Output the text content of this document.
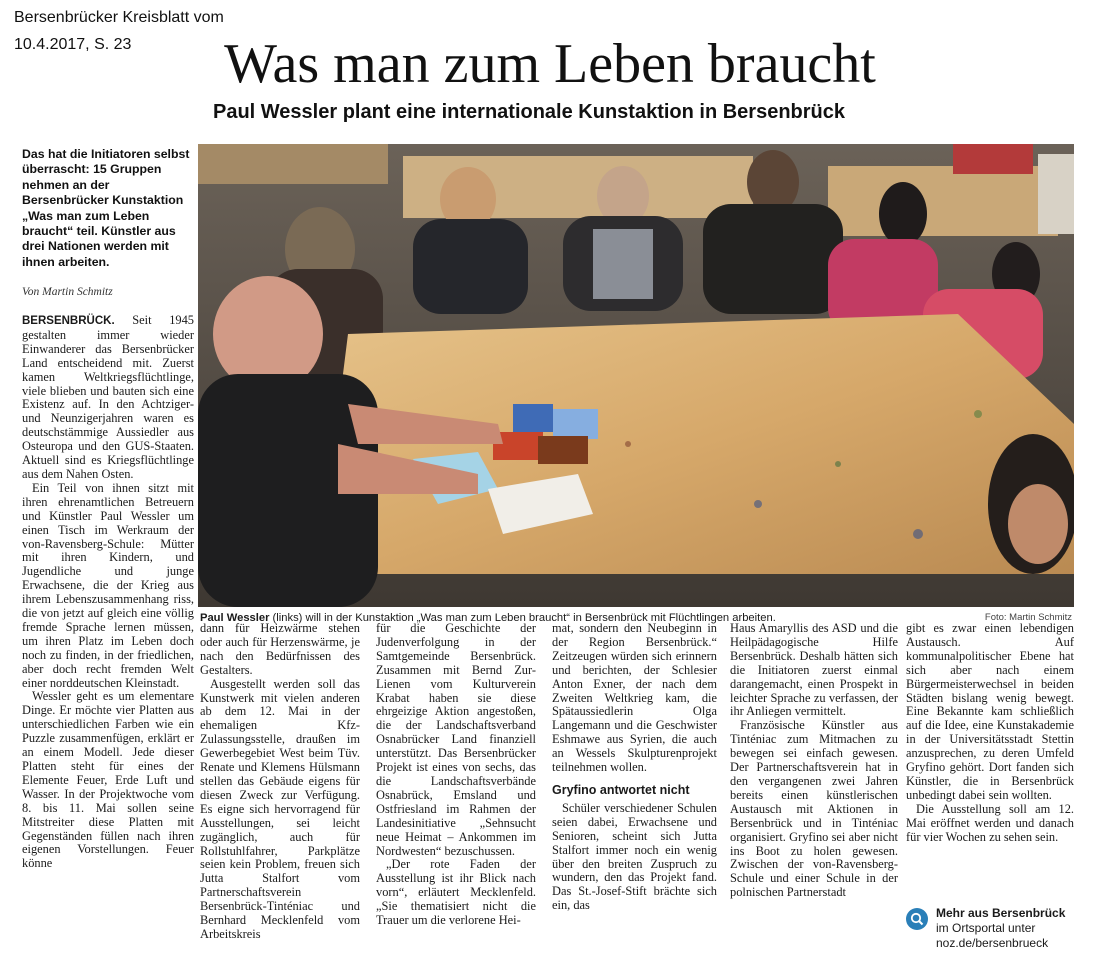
Bersenbrücker Kreisblatt vom
10.4.2017, S. 23	Was man zum Leben braucht
Paul Wessler plant eine internationale Kunstaktion in Bersenbrück
Das hat die Initiatoren selbst überrascht: 15 Gruppen nehmen an der Bersenbrücker Kunstaktion „Was man zum Leben braucht“ teil. Künstler aus drei Nationen werden mit ihnen arbeiten.
Von Martin Schmitz
Paul Wessler (links) will in der Kunstaktion „Was man zum Leben braucht“ in Bersenbrück mit Flüchtlingen arbeiten.	Foto: Martin Schmitz

BERSENBRÜCK. Seit 1945 gestalten immer wieder Einwanderer das Bersenbrücker Land entscheidend mit. Zuerst kamen Weltkriegsflüchtlinge, viele blieben und bauten sich eine Existenz auf. In den Achtziger- und Neunzigerjahren waren es deutschstämmige Aussiedler aus Osteuropa und den GUS-Staaten. Aktuell sind es Kriegsflüchtlinge aus dem Nahen Osten.

Ein Teil von ihnen sitzt mit ihren ehrenamtlichen Betreuern und Künstler Paul Wessler um einen Tisch im Werkraum der von-Ravensberg-Schule: Mütter mit ihren Kindern, und Jugendliche und junge Erwachsene, die der Krieg aus ihrem Lebenszusammenhang riss, die von jetzt auf gleich eine völlig fremde Sprache lernen müssen, um ihren Platz im Leben doch noch zu finden, in der friedlichen, aber doch recht fremden Welt einer norddeutschen Kleinstadt.

Wessler geht es um elementare Dinge. Er möchte vier Platten aus unterschiedlichen Farben wie ein Puzzle zusammenfügen, erklärt er an einem Modell. Jede dieser Platten steht für eines der Elemente Feuer, Erde Luft und Wasser. In der Projektwoche vom 8. bis 11. Mai sollen seine Mitstreiter diese Platten mit Gegenständen füllen nach ihren eigenen Vorstellungen. Feuer könne

dann für Heizwärme stehen oder auch für Herzenswärme, je nach den Bedürfnissen des Gestalters.

Ausgestellt werden soll das Kunstwerk mit vielen anderen ab dem 12. Mai in der ehemaligen Kfz-Zulassungsstelle, draußen im Gewerbegebiet West beim Tüv. Renate und Klemens Hülsmann stellen das Gebäude eigens für diesen Zweck zur Verfügung. Es eigne sich hervorragend für Ausstellungen, sei leicht zugänglich, auch für Rollstuhlfahrer, Parkplätze seien kein Problem, freuen sich Jutta Stalfort vom Partnerschaftsverein Bersenbrück-Tinténiac und Bernhard Mecklenfeld vom Arbeitskreis

für die Geschichte der Judenverfolgung in der Samtgemeinde Bersenbrück. Zusammen mit Bernd Zur-Lienen vom Kulturverein Krabat haben sie diese ehrgeizige Aktion angestoßen, die der Landschaftsverband Osnabrücker Land finanziell unterstützt. Das Bersenbrücker Projekt ist eines von sechs, das die Landschaftsverbände Osnabrück, Emsland und Ostfriesland im Rahmen der Landesinitiative „Sehnsucht neue Heimat – Ankommen im Nordwesten“ bezuschussen.

„Der rote Faden der Ausstellung ist ihr Blick nach vorn“, erläutert Mecklenfeld. „Sie thematisiert nicht die Trauer um die verlorene Hei-

mat, sondern den Neubeginn in der Region Bersenbrück.“ Zeitzeugen würden sich erinnern und berichten, der Schlesier Anton Exner, der nach dem Zweiten Weltkrieg kam, die Spätaussiedlerin Olga Langemann und die Geschwister Eshmawe aus Syrien, die auch an Wessels Skulpturenprojekt teilnehmen wollen.

Gryfino antwortet nicht

Schüler verschiedener Schulen seien dabei, Erwachsene und Senioren, scheint sich Jutta Stalfort immer noch ein wenig über den breiten Zuspruch zu wundern, den das Projekt fand. Das St.-Josef-Stift brächte sich ein, das

Haus Amaryllis des ASD und die Heilpädagogische Hilfe Bersenbrück. Deshalb hätten sich die Initiatoren zuerst einmal darangemacht, einen Prospekt in leichter Sprache zu verfassen, der ihr Anliegen vermittelt.

Französische Künstler aus Tinténiac zum Mitmachen zu bewegen sei einfach gewesen. Der Partnerschaftsverein hat in den vergangenen zwei Jahren bereits einen künstlerischen Austausch mit Aktionen in Bersenbrück und in Tinténiac organisiert. Gryfino sei aber nicht ins Boot zu holen gewesen. Zwischen der von-Ravensberg-Schule und einer Schule in der polnischen Partnerstadt

gibt es zwar einen lebendigen Austausch. Auf kommunalpolitischer Ebene hat sich aber nach einem Bürgermeisterwechsel in beiden Städten bislang wenig bewegt. Eine Bekannte kam schließlich auf die Idee, eine Kunstakademie in der Universitätsstadt Stettin anzusprechen, zu deren Umfeld Gryfino gehört. Dort fanden sich Künstler, die in Bersenbrück unbedingt dabei sein wollten.

Die Ausstellung soll am 12. Mai eröffnet werden und danach für vier Wochen zu sehen sein.

Mehr aus Bersenbrück
im Ortsportal unter
noz.de/bersenbrueck
